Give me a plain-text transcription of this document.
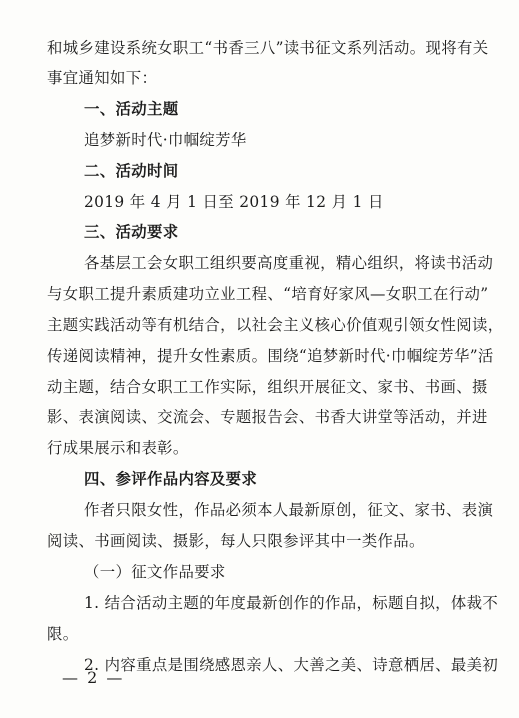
和城乡建设系统女职工“书香三八”读书征文系列活动。现将有关
事宜通知如下：
一、活动主题
追梦新时代·巾帼绽芳华
二、活动时间
2019 年 4 月 1 日至 2019 年 12 月 1 日
三、活动要求
各基层工会女职工组织要高度重视，精心组织，将读书活动
与女职工提升素质建功立业工程、“培育好家风—女职工在行动”
主题实践活动等有机结合，以社会主义核心价值观引领女性阅读，
传递阅读精神，提升女性素质。围绕“追梦新时代·巾帼绽芳华”活
动主题，结合女职工工作实际，组织开展征文、家书、书画、摄
影、表演阅读、交流会、专题报告会、书香大讲堂等活动，并进
行成果展示和表彰。
四、参评作品内容及要求
作者只限女性，作品必须本人最新原创，征文、家书、表演
阅读、书画阅读、摄影，每人只限参评其中一类作品。
（一）征文作品要求
1. 结合活动主题的年度最新创作的作品，标题自拟，体裁不
限。
2. 内容重点是围绕感恩亲人、大善之美、诗意栖居、最美初
— 2 —
